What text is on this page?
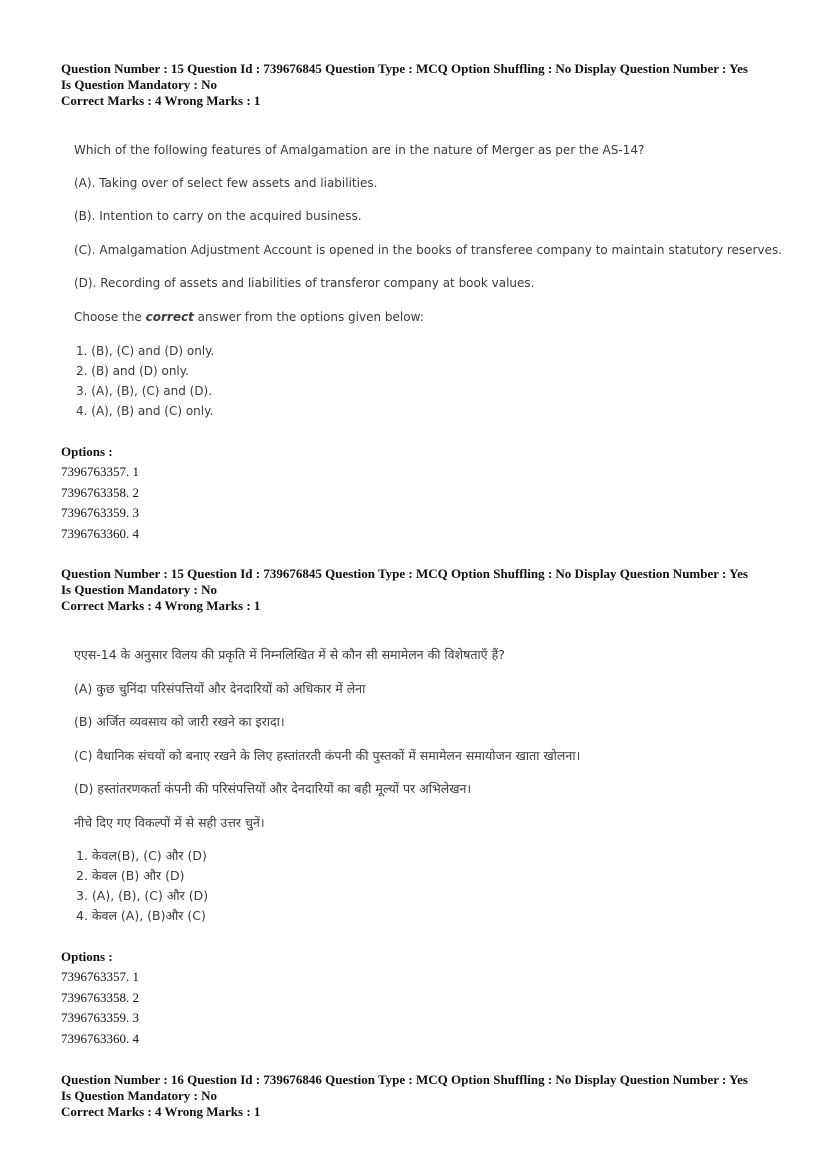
Question Number : 15 Question Id : 739676845 Question Type : MCQ Option Shuffling : No Display Question Number : Yes
Is Question Mandatory : No
Correct Marks : 4 Wrong Marks : 1
Which of the following features of Amalgamation are in the nature of Merger as per the AS-14?
(A). Taking over of select few assets and liabilities.
(B). Intention to carry on the acquired business.
(C). Amalgamation Adjustment Account is opened in the books of transferee company to maintain statutory reserves.
(D). Recording of assets and liabilities of transferor company at book values.
Choose the correct answer from the options given below:
1. (B), (C) and (D) only.
2. (B) and (D) only.
3. (A), (B), (C) and (D).
4. (A), (B) and (C) only.
Options :
7396763357. 1
7396763358. 2
7396763359. 3
7396763360. 4
Question Number : 15 Question Id : 739676845 Question Type : MCQ Option Shuffling : No Display Question Number : Yes
Is Question Mandatory : No
Correct Marks : 4 Wrong Marks : 1
एएस-14 के अनुसार विलय की प्रकृति में निम्नलिखित में से कौन सी समामेलन की विशेषताएँ हैं?
(A) कुछ चुनिंदा परिसंपत्तियों और देनदारियों को अधिकार में लेना
(B) अर्जित व्यवसाय को जारी रखने का इरादा।
(C) वैधानिक संचयों को बनाए रखने के लिए हस्तांतरती कंपनी की पुस्तकों में समामेलन समायोजन खाता खोलना।
(D) हस्तांतरणकर्ता कंपनी की परिसंपत्तियों और देनदारियों का बही मूल्यों पर अभिलेखन।
नीचे दिए गए विकल्पों में से सही उत्तर चुनें।
1. केवल(B), (C) और (D)
2. केवल (B) और (D)
3. (A), (B), (C) और (D)
4. केवल (A), (B)और (C)
Options :
7396763357. 1
7396763358. 2
7396763359. 3
7396763360. 4
Question Number : 16 Question Id : 739676846 Question Type : MCQ Option Shuffling : No Display Question Number : Yes
Is Question Mandatory : No
Correct Marks : 4 Wrong Marks : 1
